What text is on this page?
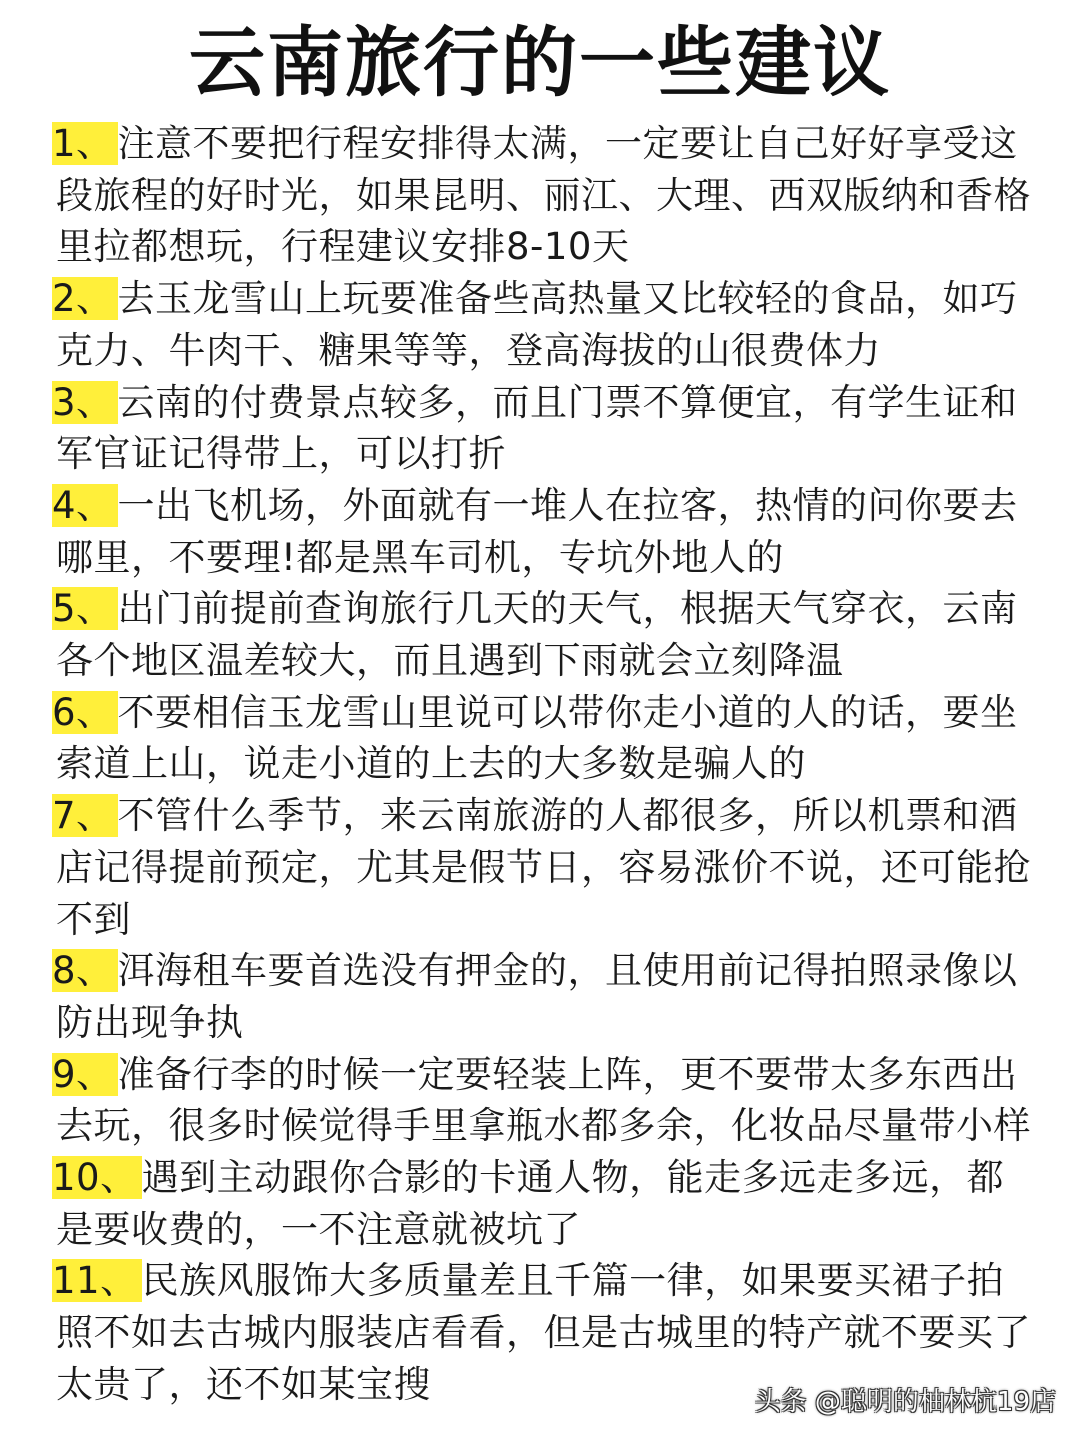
云南旅行的一些建议

1、 注意不要把行程安排得太满，一定要让自己好好享受这段旅程的好时光，如果昆明、丽江、大理、西双版纳和香格里拉都想玩，行程建议安排8-10天

2、 去玉龙雪山上玩要准备些高热量又比较轻的食品，如巧克力、牛肉干、糖果等等，登高海拔的山很费体力

3、 云南的付费景点较多，而且门票不算便宜，有学生证和军官证记得带上，可以打折

4、 一出飞机场，外面就有一堆人在拉客，热情的问你要去哪里，不要理!都是黑车司机，专坑外地人的

5、 出门前提前查询旅行几天的天气，根据天气穿衣，云南各个地区温差较大，而且遇到下雨就会立刻降温

6、 不要相信玉龙雪山里说可以带你走小道的人的话，要坐索道上山，说走小道的上去的大多数是骗人的

7、 不管什么季节，来云南旅游的人都很多，所以机票和酒店记得提前预定，尤其是假节日，容易涨价不说，还可能抢不到

8、 洱海租车要首选没有押金的，且使用前记得拍照录像以防出现争执

9、 准备行李的时候一定要轻装上阵，更不要带太多东西出去玩，很多时候觉得手里拿瓶水都多余，化妆品尽量带小样

10、 遇到主动跟你合影的卡通人物，能走多远走多远，都是要收费的，一不注意就被坑了

11、 民族风服饰大多质量差且千篇一律，如果要买裙子拍照不如去古城内服装店看看，但是古城里的特产就不要买了太贵了，还不如某宝搜	头条 @聪明的柚林杭19店
